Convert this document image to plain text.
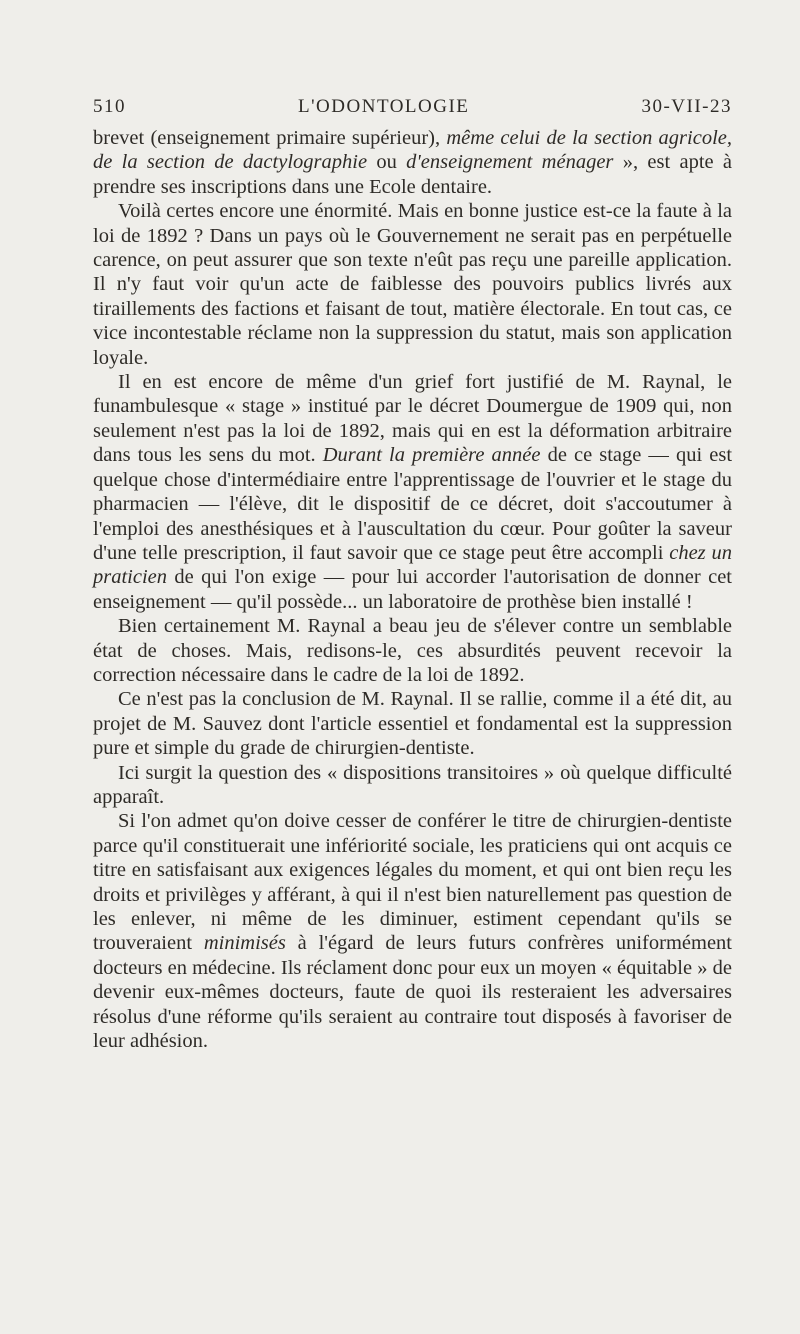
510	L'ODONTOLOGIE	30-VII-23

brevet (enseignement primaire supérieur), même celui de la section agricole, de la section de dactylographie ou d'enseignement ménager », est apte à prendre ses inscriptions dans une Ecole dentaire.

Voilà certes encore une énormité. Mais en bonne justice est-ce la faute à la loi de 1892 ? Dans un pays où le Gouvernement ne serait pas en perpétuelle carence, on peut assurer que son texte n'eût pas reçu une pareille application. Il n'y faut voir qu'un acte de faiblesse des pouvoirs publics livrés aux tiraillements des factions et faisant de tout, matière électorale. En tout cas, ce vice incontestable réclame non la suppression du statut, mais son application loyale.

Il en est encore de même d'un grief fort justifié de M. Raynal, le funambulesque « stage » institué par le décret Doumergue de 1909 qui, non seulement n'est pas la loi de 1892, mais qui en est la déformation arbitraire dans tous les sens du mot. Durant la première année de ce stage — qui est quelque chose d'intermédiaire entre l'apprentissage de l'ouvrier et le stage du pharmacien — l'élève, dit le dispositif de ce décret, doit s'accoutumer à l'emploi des anesthésiques et à l'auscultation du cœur. Pour goûter la saveur d'une telle prescription, il faut savoir que ce stage peut être accompli chez un praticien de qui l'on exige — pour lui accorder l'autorisation de donner cet enseignement — qu'il possède... un laboratoire de prothèse bien installé !

Bien certainement M. Raynal a beau jeu de s'élever contre un semblable état de choses. Mais, redisons-le, ces absurdités peuvent recevoir la correction nécessaire dans le cadre de la loi de 1892.

Ce n'est pas la conclusion de M. Raynal. Il se rallie, comme il a été dit, au projet de M. Sauvez dont l'article essentiel et fondamental est la suppression pure et simple du grade de chirurgien-dentiste.

Ici surgit la question des « dispositions transitoires » où quelque difficulté apparaît.

Si l'on admet qu'on doive cesser de conférer le titre de chirurgien-dentiste parce qu'il constituerait une infériorité sociale, les praticiens qui ont acquis ce titre en satisfaisant aux exigences légales du moment, et qui ont bien reçu les droits et privilèges y afférant, à qui il n'est bien naturellement pas question de les enlever, ni même de les diminuer, estiment cependant qu'ils se trouveraient minimisés à l'égard de leurs futurs confrères uniformément docteurs en médecine. Ils réclament donc pour eux un moyen « équitable » de devenir eux-mêmes docteurs, faute de quoi ils resteraient les adversaires résolus d'une réforme qu'ils seraient au contraire tout disposés à favoriser de leur adhésion.
